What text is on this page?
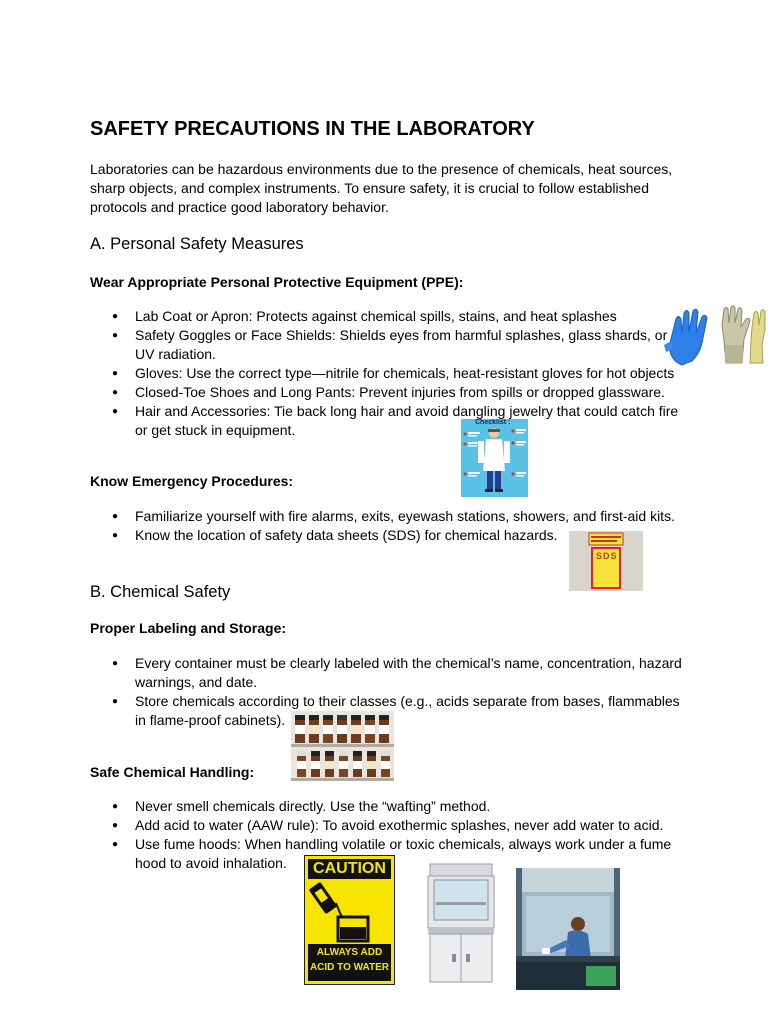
SAFETY PRECAUTIONS IN THE LABORATORY
Laboratories can be hazardous environments due to the presence of chemicals, heat sources, sharp objects, and complex instruments. To ensure safety, it is crucial to follow established protocols and practice good laboratory behavior.
A. Personal Safety Measures
Wear Appropriate Personal Protective Equipment (PPE):
● Lab Coat or Apron: Protects against chemical spills, stains, and heat splashes
● Safety Goggles or Face Shields: Shields eyes from harmful splashes, glass shards, or UV radiation.
● Gloves: Use the correct type—nitrile for chemicals, heat-resistant gloves for hot objects
● Closed-Toe Shoes and Long Pants: Prevent injuries from spills or dropped glassware.
● Hair and Accessories: Tie back long hair and avoid dangling jewelry that could catch fire or get stuck in equipment.	Checklist :
Know Emergency Procedures:
● Familiarize yourself with fire alarms, exits, eyewash stations, showers, and first-aid kits.
● Know the location of safety data sheets (SDS) for chemical hazards.
SDS
B. Chemical Safety
Proper Labeling and Storage:
● Every container must be clearly labeled with the chemical’s name, concentration, hazard warnings, and date.
● Store chemicals according to their classes (e.g., acids separate from bases, flammables in flame-proof cabinets).
Safe Chemical Handling:
● Never smell chemicals directly. Use the “wafting” method.
● Add acid to water (AAW rule): To avoid exothermic splashes, never add water to acid.
● Use fume hoods: When handling volatile or toxic chemicals, always work under a fume hood to avoid inhalation.	CAUTION
ALWAYS ADD
ACID TO WATER
